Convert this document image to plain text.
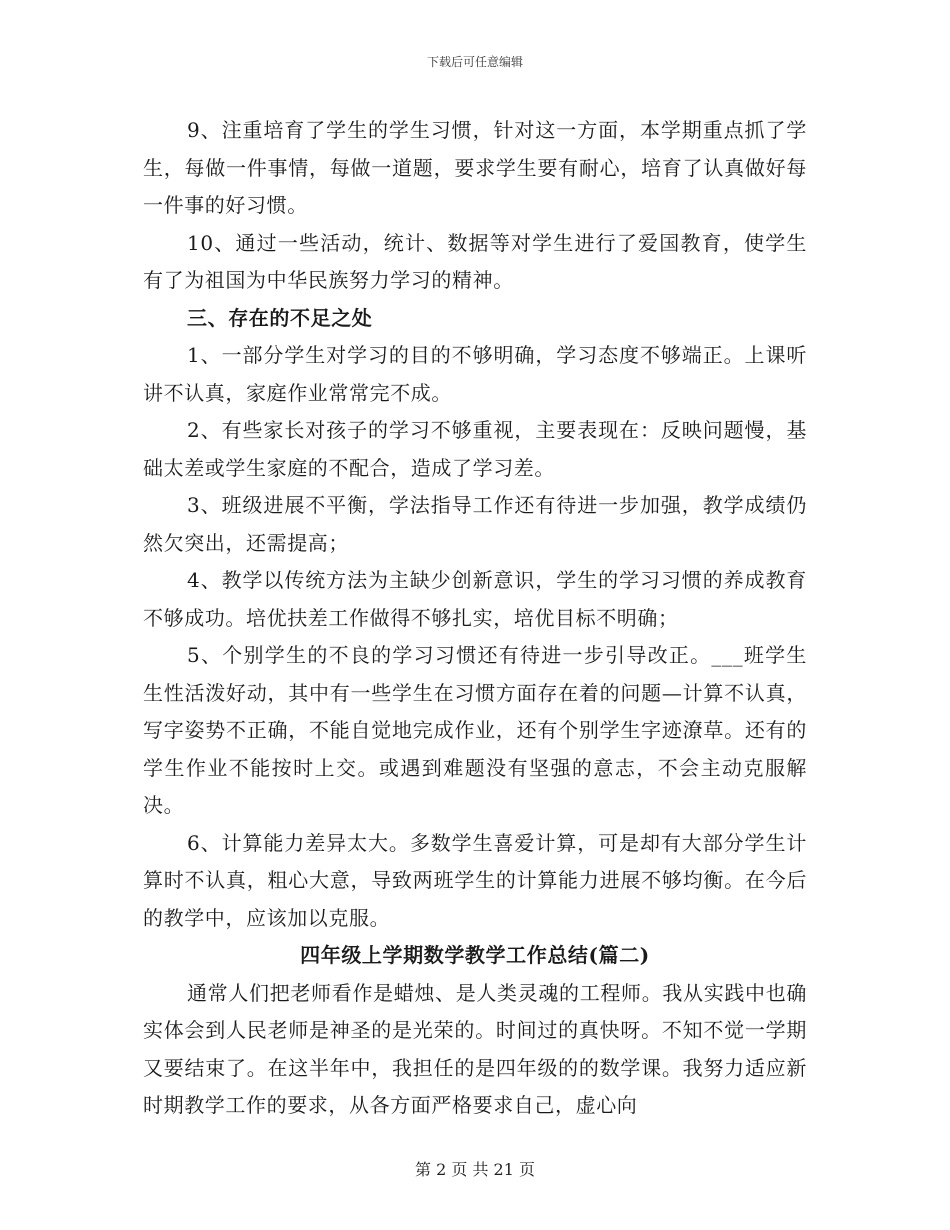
下载后可任意编辑

9、注重培育了学生的学生习惯，针对这一方面，本学期重点抓了学生，每做一件事情，每做一道题，要求学生要有耐心，培育了认真做好每一件事的好习惯。

10、通过一些活动，统计、数据等对学生进行了爱国教育，使学生有了为祖国为中华民族努力学习的精神。

三、存在的不足之处

1、一部分学生对学习的目的不够明确，学习态度不够端正。上课听讲不认真，家庭作业常常完不成。

2、有些家长对孩子的学习不够重视，主要表现在：反映问题慢，基础太差或学生家庭的不配合，造成了学习差。

3、班级进展不平衡，学法指导工作还有待进一步加强，教学成绩仍然欠突出，还需提高；

4、教学以传统方法为主缺少创新意识，学生的学习习惯的养成教育不够成功。培优扶差工作做得不够扎实，培优目标不明确；

5、个别学生的不良的学习习惯还有待进一步引导改正。___班学生生性活泼好动，其中有一些学生在习惯方面存在着的问题—计算不认真，写字姿势不正确，不能自觉地完成作业，还有个别学生字迹潦草。还有的学生作业不能按时上交。或遇到难题没有坚强的意志，不会主动克服解决。

6、计算能力差异太大。多数学生喜爱计算，可是却有大部分学生计算时不认真，粗心大意，导致两班学生的计算能力进展不够均衡。在今后的教学中，应该加以克服。

四年级上学期数学教学工作总结(篇二)

通常人们把老师看作是蜡烛、是人类灵魂的工程师。我从实践中也确实体会到人民老师是神圣的是光荣的。时间过的真快呀。不知不觉一学期又要结束了。在这半年中，我担任的是四年级的的数学课。我努力适应新时期教学工作的要求，从各方面严格要求自己，虚心向

第 2 页 共 21 页
